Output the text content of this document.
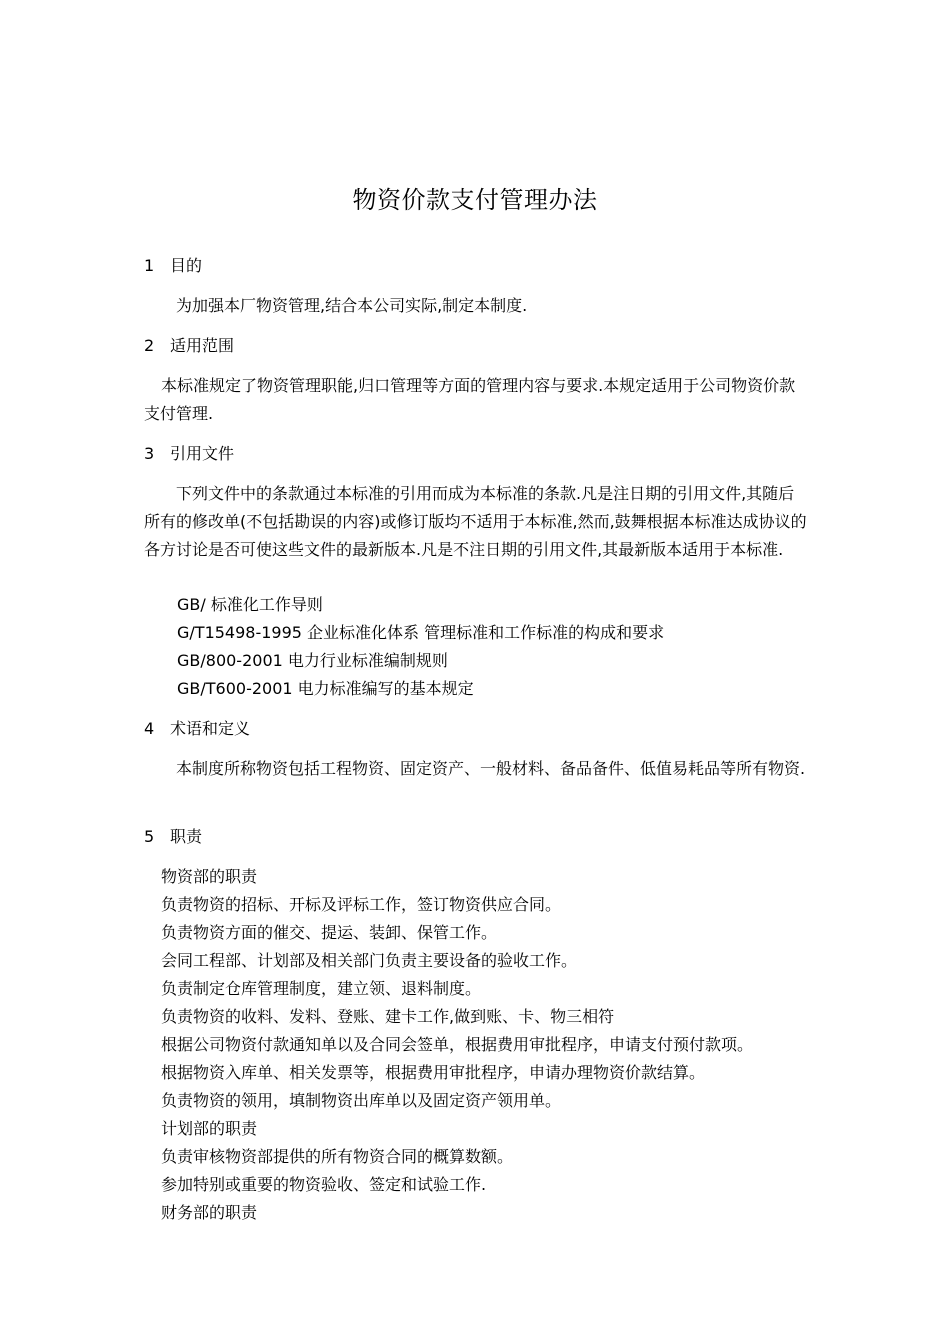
物资价款支付管理办法
1 目的
为加强本厂物资管理,结合本公司实际,制定本制度.
2 适用范围
本标准规定了物资管理职能,归口管理等方面的管理内容与要求.本规定适用于公司物资价款支付管理.
3 引用文件
下列文件中的条款通过本标准的引用而成为本标准的条款.凡是注日期的引用文件,其随后所有的修改单(不包括勘误的内容)或修订版均不适用于本标准,然而,鼓舞根据本标准达成协议的各方讨论是否可使这些文件的最新版本.凡是不注日期的引用文件,其最新版本适用于本标准.
GB/ 标准化工作导则
G/T15498-1995 企业标准化体系 管理标准和工作标准的构成和要求
GB/800-2001 电力行业标准编制规则
GB/T600-2001 电力标准编写的基本规定
4 术语和定义
本制度所称物资包括工程物资、固定资产、一般材料、备品备件、低值易耗品等所有物资.
5 职责
物资部的职责
负责物资的招标、开标及评标工作，签订物资供应合同。
负责物资方面的催交、提运、装卸、保管工作。
会同工程部、计划部及相关部门负责主要设备的验收工作。
负责制定仓库管理制度，建立领、退料制度。
负责物资的收料、发料、登账、建卡工作,做到账、卡、物三相符
根据公司物资付款通知单以及合同会签单，根据费用审批程序，申请支付预付款项。
根据物资入库单、相关发票等，根据费用审批程序，申请办理物资价款结算。
负责物资的领用，填制物资出库单以及固定资产领用单。
计划部的职责
负责审核物资部提供的所有物资合同的概算数额。
参加特别或重要的物资验收、签定和试验工作.
财务部的职责
